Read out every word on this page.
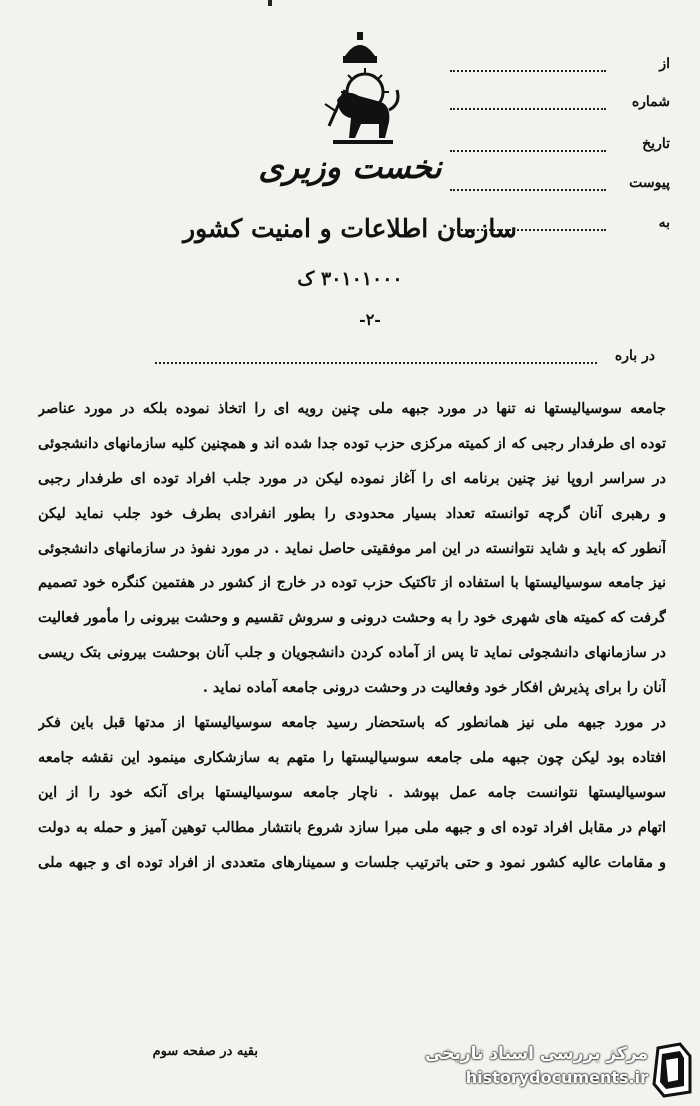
نخست وزیری
سازمان اطلاعات و امنیت کشور
۳۰۱۰۱۰۰۰ ک
-۲-
از
شماره
تاریخ
پیوست
به
در باره
جامعه سوسیالیستها نه تنها در مورد جبهه ملی چنین رویه ای را اتخاذ نموده بلکه در مورد عناصر
توده ای طرفدار رجبی که از کمیته مرکزی حزب توده جدا شده اند و همچنین کلیه سازمانهای دانشجوئی
در سراسر اروپا نیز چنین برنامه ای را آغاز نموده لیکن در مورد جلب افراد توده ای طرفدار رجبی
و رهبری آنان گرچه توانسته تعداد بسیار محدودی را بطور انفرادی بطرف خود جلب نماید لیکن
آنطور که باید و شاید نتوانسته در این امر موفقیتی حاصل نماید . در مورد نفوذ در سازمانهای دانشجوئی
نیز جامعه سوسیالیستها با استفاده از تاکتیک حزب توده در خارج از کشور در هفتمین کنگره خود تصمیم
گرفت که کمیته های شهری خود را به وحشت درونی و سروش تقسیم و وحشت بیرونی را مأمور فعالیت
در سازمانهای دانشجوئی نماید تا پس از آماده کردن دانشجویان و جلب آنان بوحشت بیرونی بتک ریسی
آنان را برای پذیرش افکار خود وفعالیت در وحشت درونی جامعه آماده نماید .
در مورد جبهه ملی نیز همانطور که باستحضار رسید جامعه سوسیالیستها از مدتها قبل باین فکر
افتاده بود لیکن چون جبهه ملی جامعه سوسیالیستها را متهم به سازشکاری مینمود این نقشه جامعه
سوسیالیستها نتوانست جامه عمل بپوشد . ناچار جامعه سوسیالیستها برای آنکه خود را از این
اتهام در مقابل افراد توده ای و جبهه ملی مبرا سازد شروع بانتشار مطالب توهین آمیز و حمله به دولت
و مقامات عالیه کشور نمود و حتی باترتیب جلسات و سمینارهای متعددی از افراد توده ای و جبهه ملی
بقیه در صفحه سوم	مرکز بررسی اسناد تاریخی
historydocuments.ir
